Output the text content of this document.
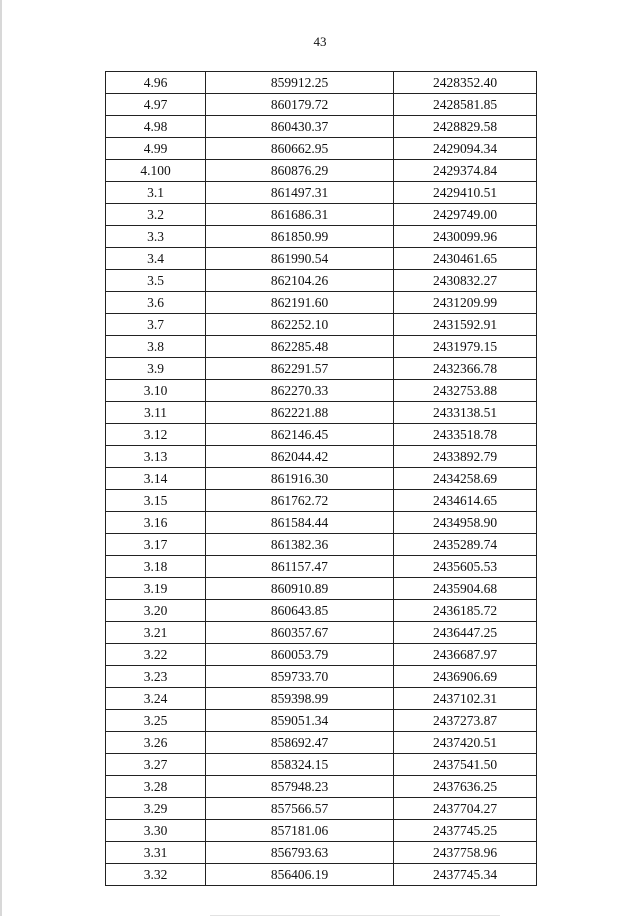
43
4.96	859912.25	2428352.40
4.97	860179.72	2428581.85
4.98	860430.37	2428829.58
4.99	860662.95	2429094.34
4.100	860876.29	2429374.84
3.1	861497.31	2429410.51
3.2	861686.31	2429749.00
3.3	861850.99	2430099.96
3.4	861990.54	2430461.65
3.5	862104.26	2430832.27
3.6	862191.60	2431209.99
3.7	862252.10	2431592.91
3.8	862285.48	2431979.15
3.9	862291.57	2432366.78
3.10	862270.33	2432753.88
3.11	862221.88	2433138.51
3.12	862146.45	2433518.78
3.13	862044.42	2433892.79
3.14	861916.30	2434258.69
3.15	861762.72	2434614.65
3.16	861584.44	2434958.90
3.17	861382.36	2435289.74
3.18	861157.47	2435605.53
3.19	860910.89	2435904.68
3.20	860643.85	2436185.72
3.21	860357.67	2436447.25
3.22	860053.79	2436687.97
3.23	859733.70	2436906.69
3.24	859398.99	2437102.31
3.25	859051.34	2437273.87
3.26	858692.47	2437420.51
3.27	858324.15	2437541.50
3.28	857948.23	2437636.25
3.29	857566.57	2437704.27
3.30	857181.06	2437745.25
3.31	856793.63	2437758.96
3.32	856406.19	2437745.34
